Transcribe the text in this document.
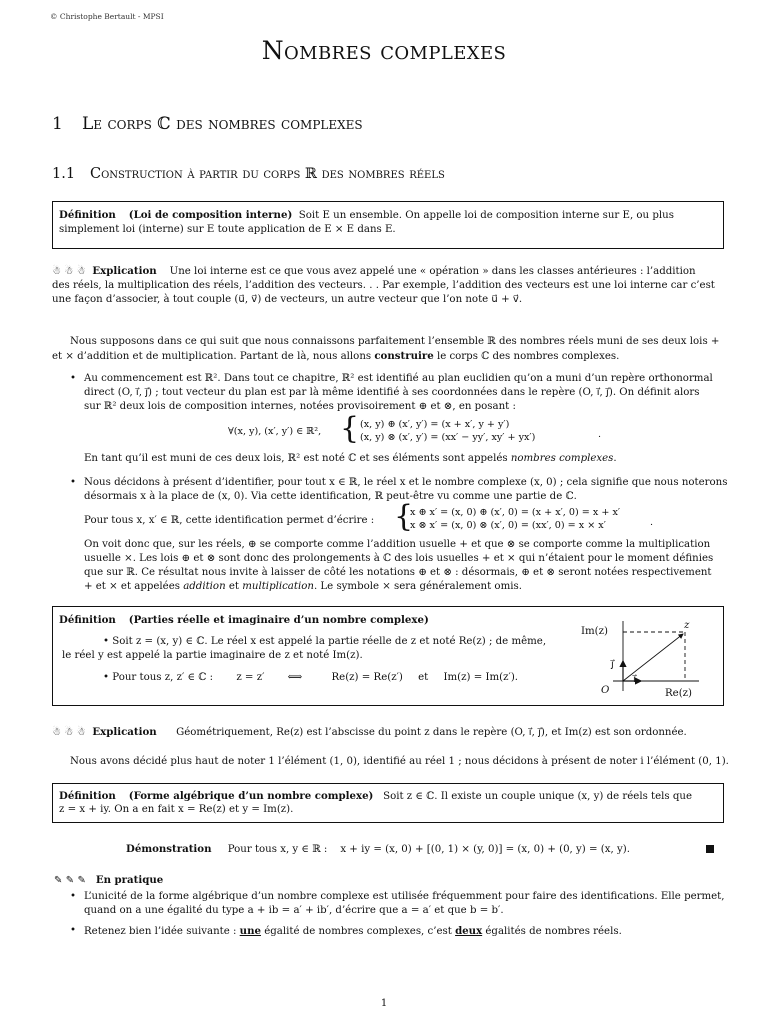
© Christophe Bertault - MPSI
Nombres complexes
1 Le corps ℂ des nombres complexes
1.1 Construction à partir du corps ℝ des nombres réels
Définition (Loi de composition interne) Soit E un ensemble. On appelle loi de composition interne sur E, ou plus
simplement loi (interne) sur E toute application de E × E dans E.
☃ ☃ ☃ Explication Une loi interne est ce que vous avez appelé une « opération » dans les classes antérieures : l’addition
des réels, la multiplication des réels, l’addition des vecteurs. . . Par exemple, l’addition des vecteurs est une loi interne car c’est
une façon d’associer, à tout couple (u⃗, v⃗) de vecteurs, un autre vecteur que l’on note u⃗ + v⃗.
Nous supposons dans ce qui suit que nous connaissons parfaitement l’ensemble ℝ des nombres réels muni de ses deux lois +
et × d’addition et de multiplication. Partant de là, nous allons construire le corps ℂ des nombres complexes.
• Au commencement est ℝ². Dans tout ce chapitre, ℝ² est identifié au plan euclidien qu’on a muni d’un repère orthonormal
direct (O, ı⃗, ȷ⃗) ; tout vecteur du plan est par là même identifié à ses coordonnées dans le repère (O, ı⃗, ȷ⃗). On définit alors
sur ℝ² deux lois de composition internes, notées provisoirement ⊕ et ⊗, en posant :
∀(x, y), (x′, y′) ∈ ℝ², { (x, y) ⊕ (x′, y′) = (x + x′, y + y′)
(x, y) ⊗ (x′, y′) = (xx′ − yy′, xy′ + yx′)	.
En tant qu’il est muni de ces deux lois, ℝ² est noté ℂ et ses éléments sont appelés nombres complexes.
• Nous décidons à présent d’identifier, pour tout x ∈ ℝ, le réel x et le nombre complexe (x, 0) ; cela signifie que nous noterons
désormais x à la place de (x, 0). Via cette identification, ℝ peut-être vu comme une partie de ℂ.
Pour tous x, x′ ∈ ℝ, cette identification permet d’écrire : {
x ⊕ x′ = (x, 0) ⊕ (x′, 0) = (x + x′, 0) = x + x′
x ⊗ x′ = (x, 0) ⊗ (x′, 0) = (xx′, 0) = x × x′	.
On voit donc que, sur les réels, ⊕ se comporte comme l’addition usuelle + et que ⊗ se comporte comme la multiplication
usuelle ×. Les lois ⊕ et ⊗ sont donc des prolongements à ℂ des lois usuelles + et × qui n’étaient pour le moment définies
que sur ℝ. Ce résultat nous invite à laisser de côté les notations ⊕ et ⊗ : désormais, ⊕ et ⊗ seront notées respectivement
+ et × et appelées addition et multiplication. Le symbole × sera généralement omis.
Définition (Parties réelle et imaginaire d’un nombre complexe)
• Soit z = (x, y) ∈ ℂ. Le réel x est appelé la partie réelle de z et noté Re(z) ; de même,
le réel y est appelé la partie imaginaire de z et noté Im(z).
• Pour tous z, z′ ∈ ℂ : z = z′ ⟺	Re(z) = Re(z′) et Im(z) = Im(z′).
Im(z)
z
ȷ⃗
ı⃗
O	Re(z)
☃ ☃ ☃ Explication Géométriquement, Re(z) est l’abscisse du point z dans le repère (O, ı⃗, ȷ⃗), et Im(z) est son ordonnée.
Nous avons décidé plus haut de noter 1 l’élément (1, 0), identifié au réel 1 ; nous décidons à présent de noter i l’élément (0, 1).
Définition (Forme algébrique d’un nombre complexe) Soit z ∈ ℂ. Il existe un couple unique (x, y) de réels tels que
z = x + iy. On a en fait x = Re(z) et y = Im(z).
Démonstration Pour tous x, y ∈ ℝ : x + iy = (x, 0) + [(0, 1) × (y, 0)] = (x, 0) + (0, y) = (x, y).
✎ ✎ ✎ En pratique
• L’unicité de la forme algébrique d’un nombre complexe est utilisée fréquemment pour faire des identifications. Elle permet,
quand on a une égalité du type a + ib = a′ + ib′, d’écrire que a = a′ et que b = b′.
• Retenez bien l’idée suivante : une égalité de nombres complexes, c’est deux égalités de nombres réels.
1
